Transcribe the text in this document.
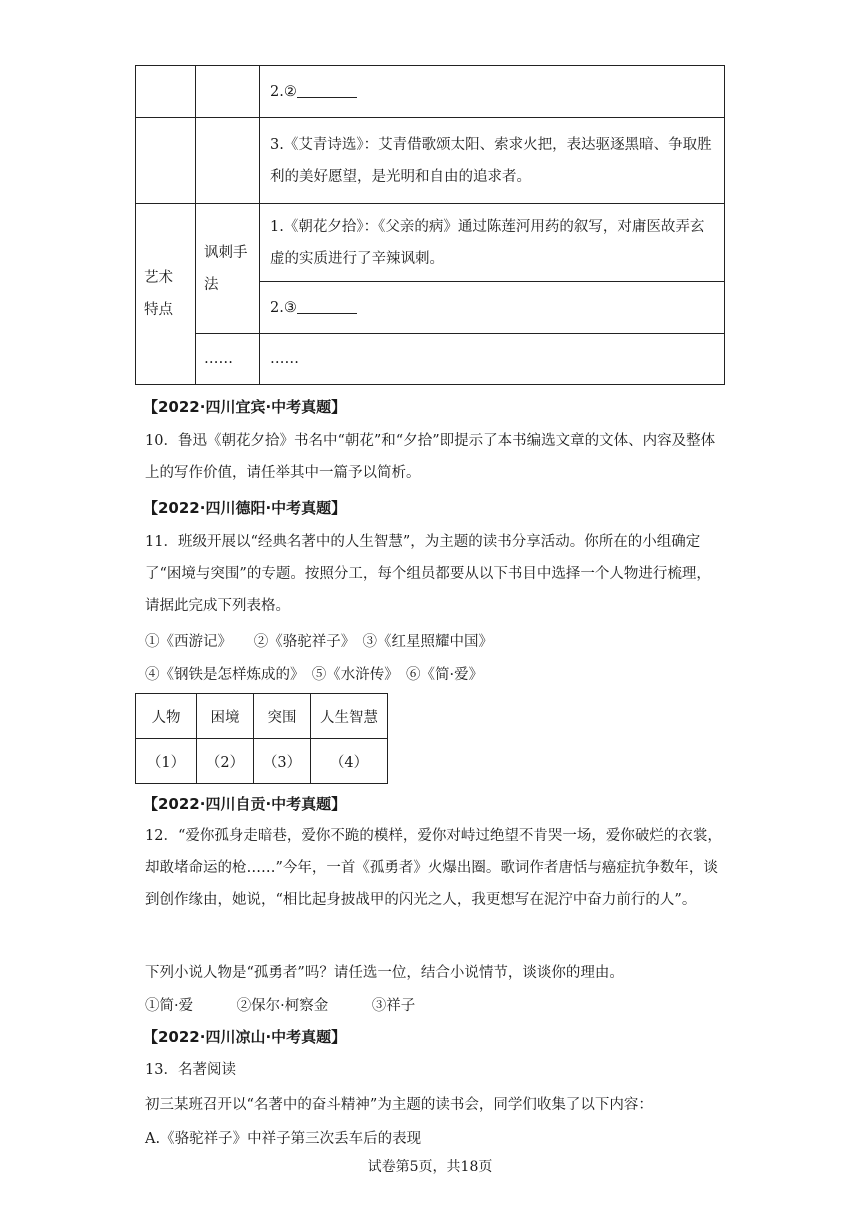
		2.②
		3.《艾青诗选》：艾青借歌颂太阳、索求火把，表达驱逐黑暗、争取胜利的美好愿望，是光明和自由的追求者。
艺术特点	讽刺手法	1.《朝花夕拾》：《父亲的病》通过陈莲河用药的叙写，对庸医故弄玄虚的实质进行了辛辣讽刺。
		2.③
	……	……
【2022·四川宜宾·中考真题】
10．鲁迅《朝花夕拾》书名中“朝花”和“夕拾”即提示了本书编选文章的文体、内容及整体上的写作价值，请任举其中一篇予以简析。
【2022·四川德阳·中考真题】
11．班级开展以“经典名著中的人生智慧”，为主题的读书分享活动。你所在的小组确定了“困境与突围”的专题。按照分工，每个组员都要从以下书目中选择一个人物进行梳理，请据此完成下列表格。
①《西游记》　　②《骆驼祥子》　③《红星照耀中国》
④《钢铁是怎样炼成的》　⑤《水浒传》　⑥《简·爱》
人物	困境	突围	人生智慧
（1）	（2）	（3）	（4）
【2022·四川自贡·中考真题】
12．“爱你孤身走暗巷，爱你不跪的模样，爱你对峙过绝望不肯哭一场，爱你破烂的衣裳，却敢堵命运的枪……”今年，一首《孤勇者》火爆出圈。歌词作者唐恬与癌症抗争数年，谈到创作缘由，她说，“相比起身披战甲的闪光之人，我更想写在泥泞中奋力前行的人”。
下列小说人物是“孤勇者”吗？请任选一位，结合小说情节，谈谈你的理由。
①简·爱　　　②保尔·柯察金　　　③祥子
【2022·四川凉山·中考真题】
13．名著阅读
初三某班召开以“名著中的奋斗精神”为主题的读书会，同学们收集了以下内容：
A.《骆驼祥子》中祥子第三次丢车后的表现
试卷第5页，共18页
